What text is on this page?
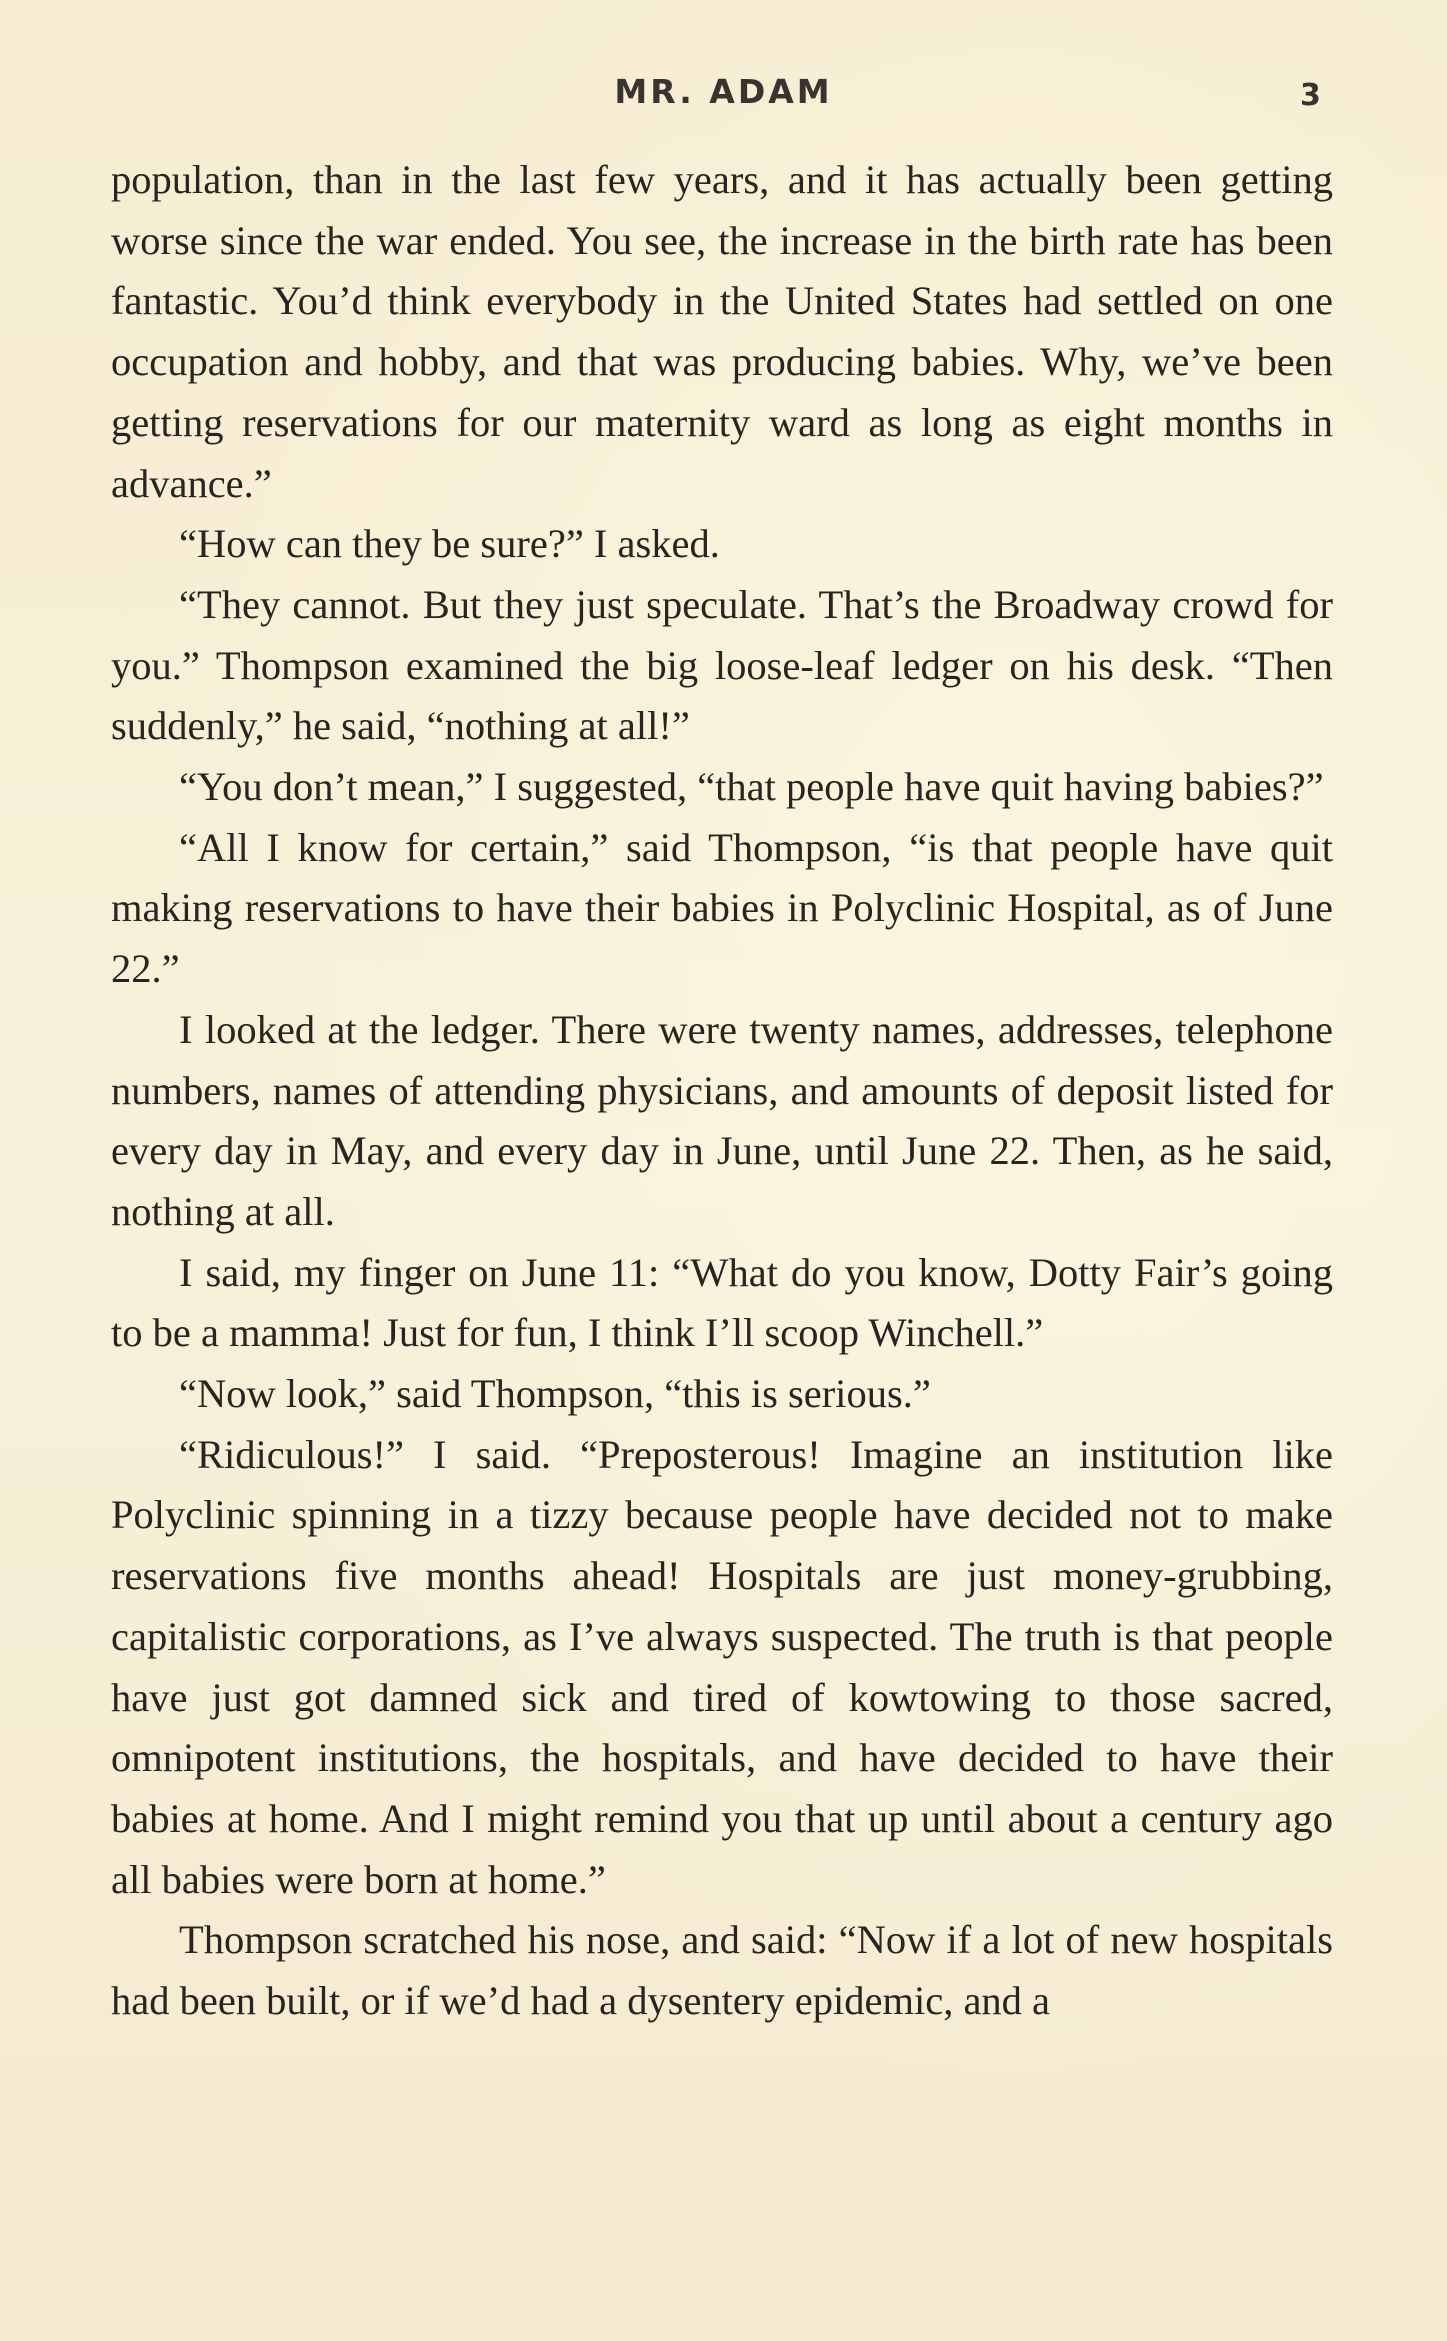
MR. ADAM	3

population, than in the last few years, and it has actually been getting worse since the war ended. You see, the increase in the birth rate has been fantastic. You’d think everybody in the United States had settled on one occupation and hobby, and that was producing babies. Why, we’ve been getting reservations for our maternity ward as long as eight months in advance.”

“How can they be sure?” I asked.

“They cannot. But they just speculate. That’s the Broadway crowd for you.” Thompson examined the big loose-leaf ledger on his desk. “Then suddenly,” he said, “nothing at all!”

“You don’t mean,” I suggested, “that people have quit having babies?”

“All I know for certain,” said Thompson, “is that people have quit making reservations to have their babies in Polyclinic Hospital, as of June 22.”

I looked at the ledger. There were twenty names, addresses, telephone numbers, names of attending physicians, and amounts of deposit listed for every day in May, and every day in June, until June 22. Then, as he said, nothing at all.

I said, my finger on June 11: “What do you know, Dotty Fair’s going to be a mamma! Just for fun, I think I’ll scoop Winchell.”

“Now look,” said Thompson, “this is serious.”

“Ridiculous!” I said. “Preposterous! Imagine an institution like Polyclinic spinning in a tizzy because people have decided not to make reservations five months ahead! Hospitals are just money-grubbing, capitalistic corporations, as I’ve always suspected. The truth is that people have just got damned sick and tired of kowtowing to those sacred, omnipotent institutions, the hospitals, and have decided to have their babies at home. And I might remind you that up until about a century ago all babies were born at home.”

Thompson scratched his nose, and said: “Now if a lot of new hospitals had been built, or if we’d had a dysentery epidemic, and a
